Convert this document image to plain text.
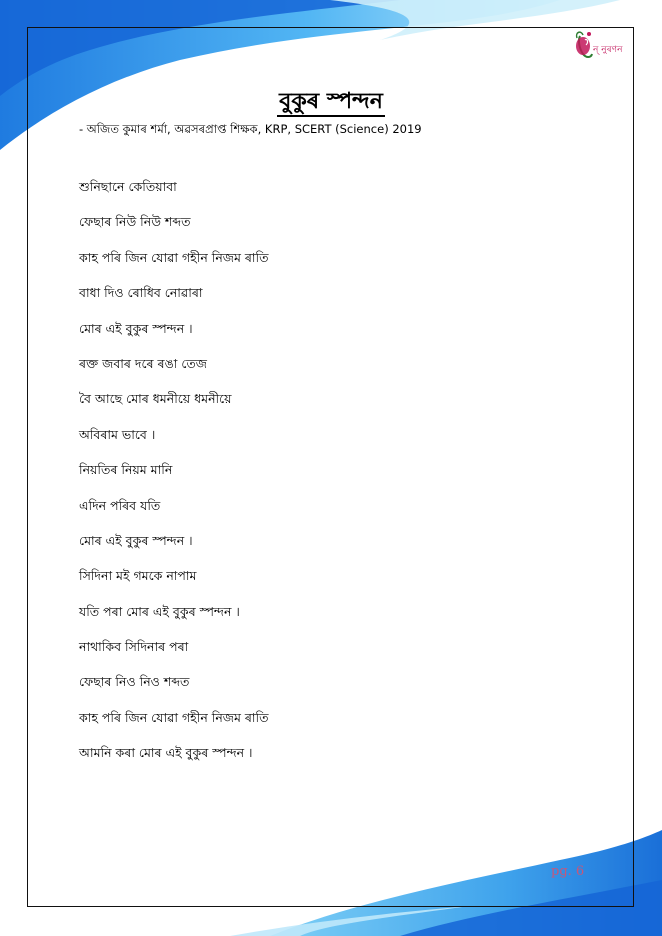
ন্ নুৰণন
বুকুৰ স্পন্দন
- অজিত কুমাৰ শৰ্মা, অৱসৰপ্ৰাপ্ত শিক্ষক, KRP, SCERT (Science) 2019
শুনিছানে কেতিয়াবা
ফেছাৰ নিউ নিউ শব্দত
কাহ পৰি জিন যোৱা গহীন নিজম ৰাতি
বাধা দিও ৰোধিব নোৱাৰা
মোৰ এই বুকুৰ স্পন্দন ।
ৰক্ত জবাৰ দৰে ৰঙা তেজ
বৈ আছে মোৰ ধমনীয়ে ধমনীয়ে
অবিৰাম ভাবে ।
নিয়তিৰ নিয়ম মানি
এদিন পৰিব যতি
মোৰ এই বুকুৰ স্পন্দন ।
সিদিনা মই গমকে নাপাম
যতি পৰা মোৰ এই বুকুৰ স্পন্দন ।
নাথাকিব সিদিনাৰ পৰা
ফেছাৰ নিও নিও শব্দত
কাহ পৰি জিন যোৱা গহীন নিজম ৰাতি
আমনি কৰা মোৰ এই বুকুৰ স্পন্দন ।
pg. 6
